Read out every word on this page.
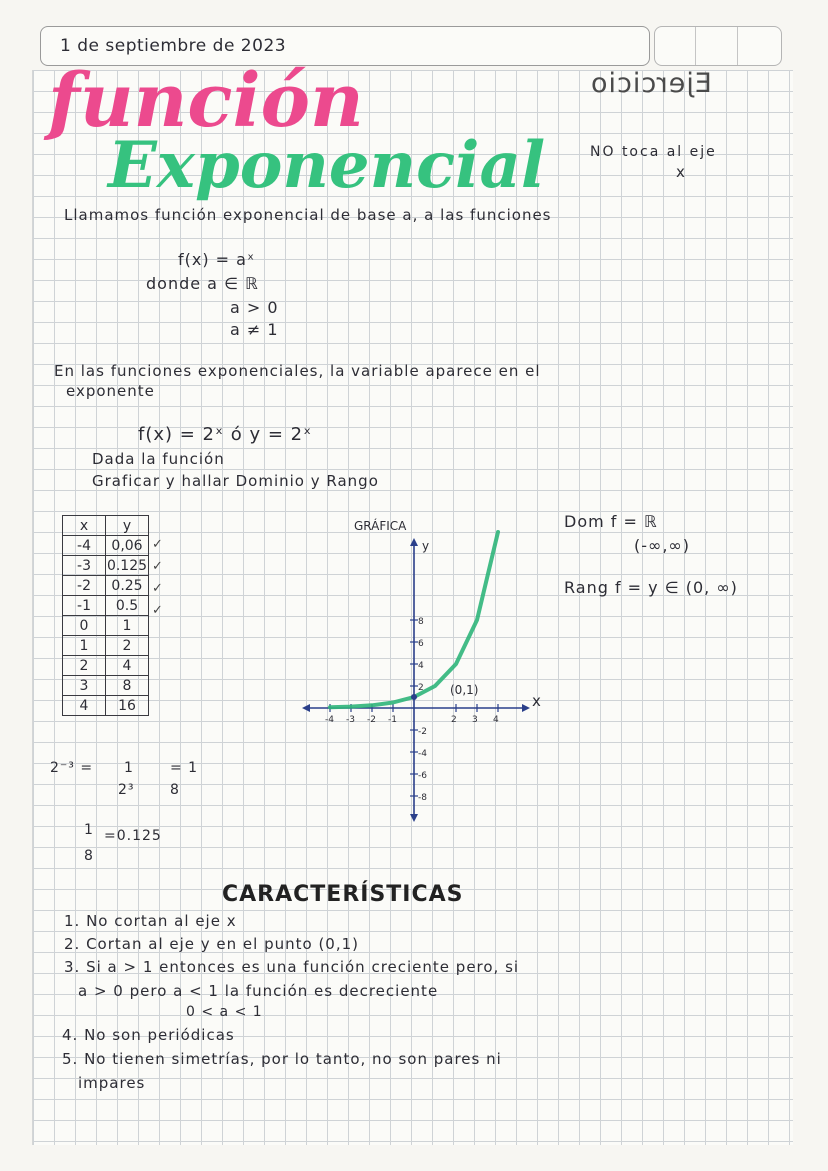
1 de septiembre de 2023
función
Exponencial
Ejercicio
NO toca al eje
x
Llamamos función exponencial de base a, a las funciones
f(x) = aˣ
donde a ∈ ℝ
a > 0
a ≠ 1
En las funciones exponenciales, la variable aparece en el
exponente
f(x) = 2ˣ ó y = 2ˣ
Dada la función
Graficar y hallar Dominio y Rango
x	y
-4	0,06
-3	0.125
-2	0.25
-1	0.5
0	1
1	2
2	4
3	8
4	16
✓
✓
✓
✓
2⁻³ = 1
2³
= 1
8
1
8
=0.125
GRÁFICA
y
x
(0,1)
-4 -3 -2 -1	2 3 4
8
6
4
2
-2
-4
-6
-8
Dom f = ℝ
(-∞,∞)
Rang f = y ∈ (0, ∞)
CARACTERÍSTICAS
1. No cortan al eje x
2. Cortan al eje y en el punto (0,1)
3. Si a > 1 entonces es una función creciente pero, si
a > 0 pero a < 1 la función es decreciente
0 < a < 1
4. No son periódicas
5. No tienen simetrías, por lo tanto, no son pares ni
impares
